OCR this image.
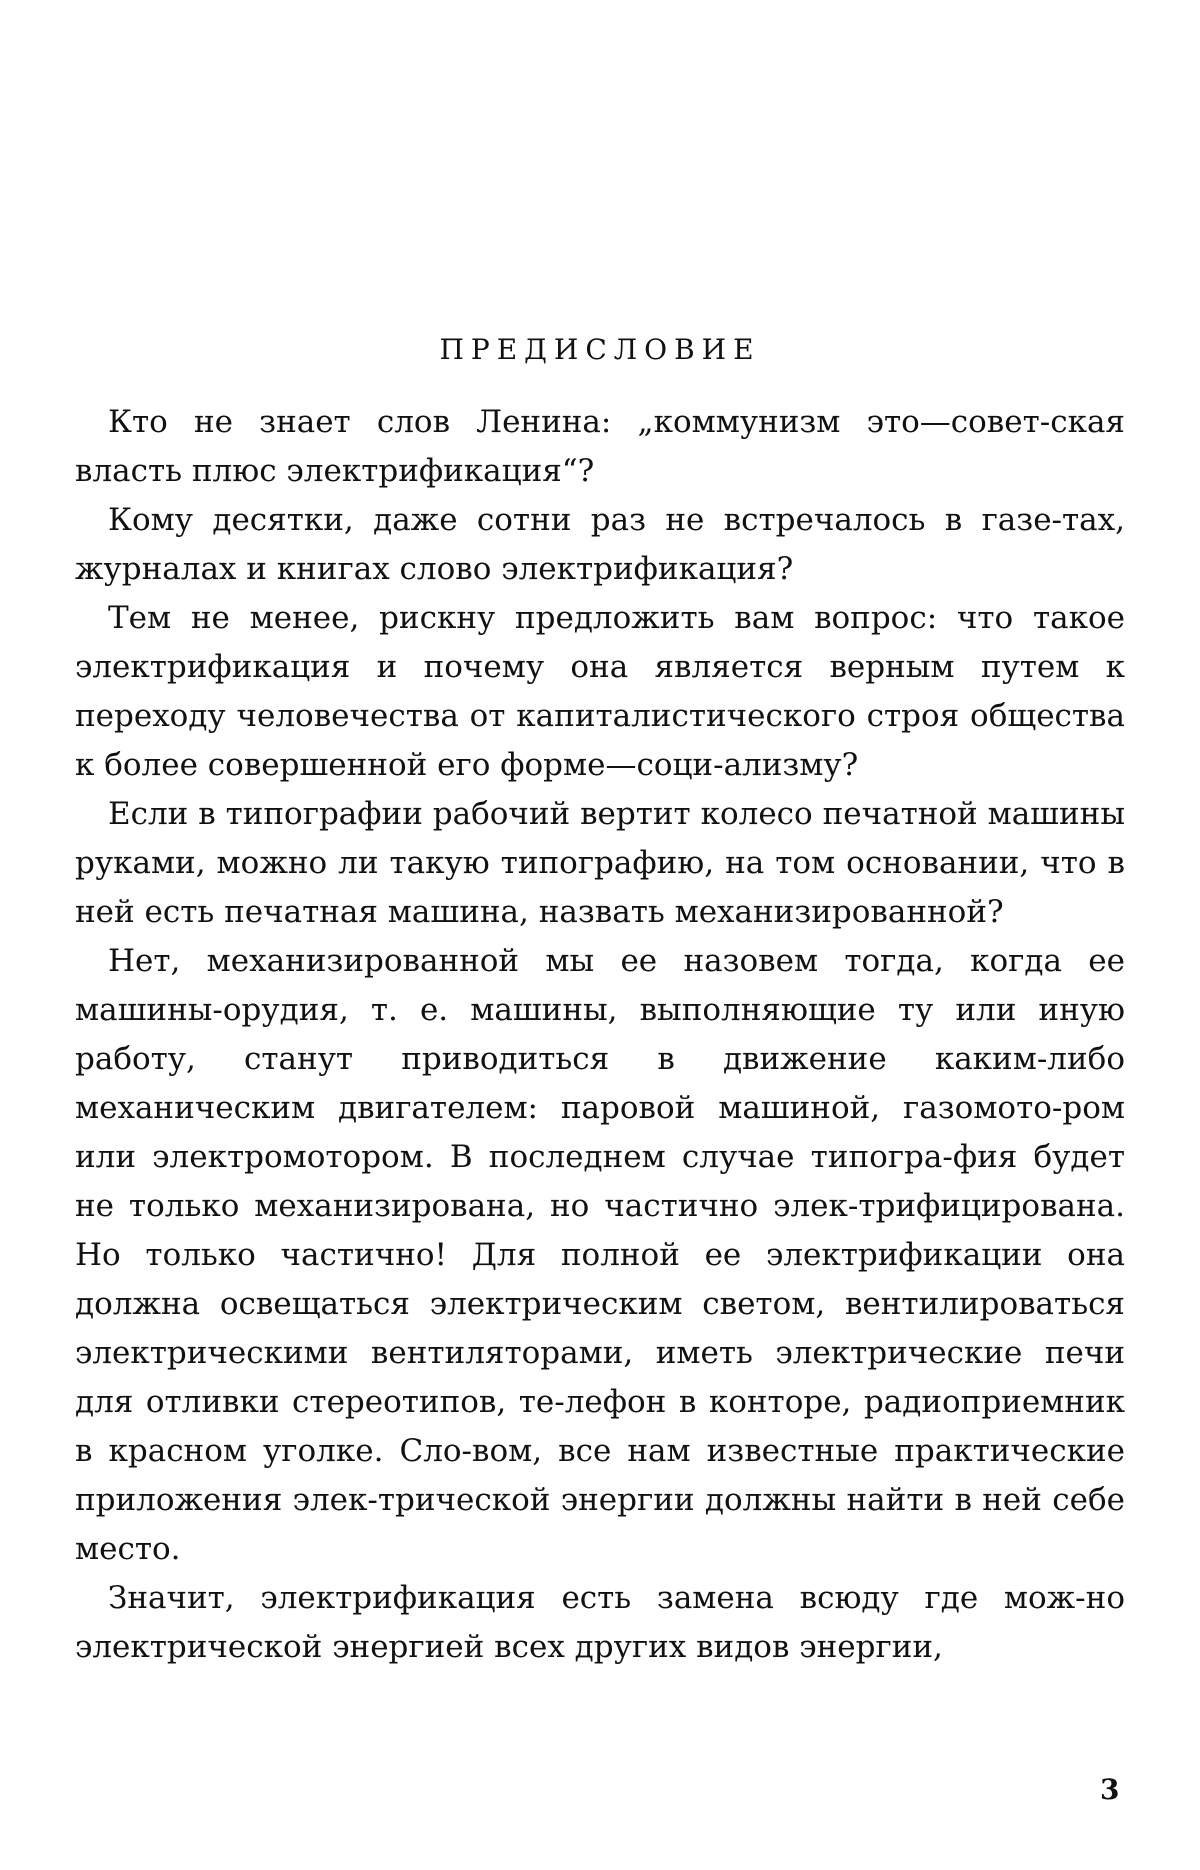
ПРЕДИСЛОВИЕ

Кто не знает слов Ленина: „коммунизм это—совет-ская власть плюс электрификация“?

Кому десятки, даже сотни раз не встречалось в газе-тах, журналах и книгах слово электрификация?

Тем не менее, рискну предложить вам вопрос: что такое электрификация и почему она является верным путем к переходу человечества от капиталистического строя общества к более совершенной его форме—соци-ализму?

Если в типографии рабочий вертит колесо печатной машины руками, можно ли такую типографию, на том основании, что в ней есть печатная машина, назвать механизированной?

Нет, механизированной мы ее назовем тогда, когда ее машины-орудия, т. е. машины, выполняющие ту или иную работу, станут приводиться в движение каким-либо механическим двигателем: паровой машиной, газомото-ром или электромотором. В последнем случае типогра-фия будет не только механизирована, но частично элек-трифицирована. Но только частично! Для полной ее электрификации она должна освещаться электрическим светом, вентилироваться электрическими вентиляторами, иметь электрические печи для отливки стереотипов, те-лефон в конторе, радиоприемник в красном уголке. Сло-вом, все нам известные практические приложения элек-трической энергии должны найти в ней себе место.

Значит, электрификация есть замена всюду где мож-но электрической энергией всех других видов энергии,

3
